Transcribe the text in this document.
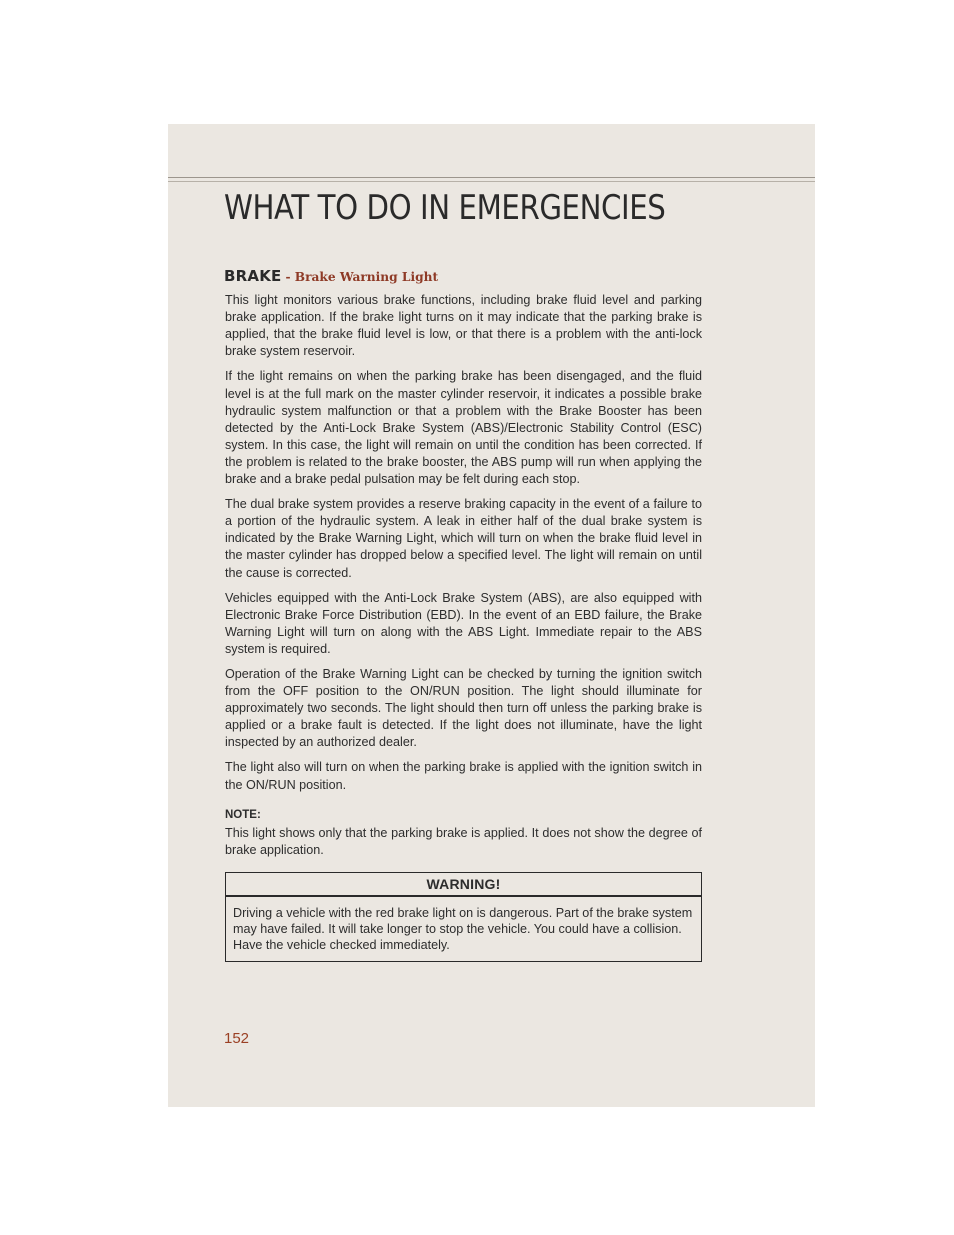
WHAT TO DO IN EMERGENCIES
BRAKE - Brake Warning Light

This light monitors various brake functions, including brake fluid level and parking brake application. If the brake light turns on it may indicate that the parking brake is applied, that the brake fluid level is low, or that there is a problem with the anti-lock brake system reservoir.

If the light remains on when the parking brake has been disengaged, and the fluid level is at the full mark on the master cylinder reservoir, it indicates a possible brake hydraulic system malfunction or that a problem with the Brake Booster has been detected by the Anti-Lock Brake System (ABS)/Electronic Stability Control (ESC) system. In this case, the light will remain on until the condition has been corrected. If the problem is related to the brake booster, the ABS pump will run when applying the brake and a brake pedal pulsation may be felt during each stop.

The dual brake system provides a reserve braking capacity in the event of a failure to a portion of the hydraulic system. A leak in either half of the dual brake system is indicated by the Brake Warning Light, which will turn on when the brake fluid level in the master cylinder has dropped below a specified level. The light will remain on until the cause is corrected.

Vehicles equipped with the Anti-Lock Brake System (ABS), are also equipped with Electronic Brake Force Distribution (EBD). In the event of an EBD failure, the Brake Warning Light will turn on along with the ABS Light. Immediate repair to the ABS system is required.

Operation of the Brake Warning Light can be checked by turning the ignition switch from the OFF position to the ON/RUN position. The light should illuminate for approximately two seconds. The light should then turn off unless the parking brake is applied or a brake fault is detected. If the light does not illuminate, have the light inspected by an authorized dealer.

The light also will turn on when the parking brake is applied with the ignition switch in the ON/RUN position.

NOTE:

This light shows only that the parking brake is applied. It does not show the degree of brake application.

WARNING!
Driving a vehicle with the red brake light on is dangerous. Part of the brake system may have failed. It will take longer to stop the vehicle. You could have a collision. Have the vehicle checked immediately.
152
